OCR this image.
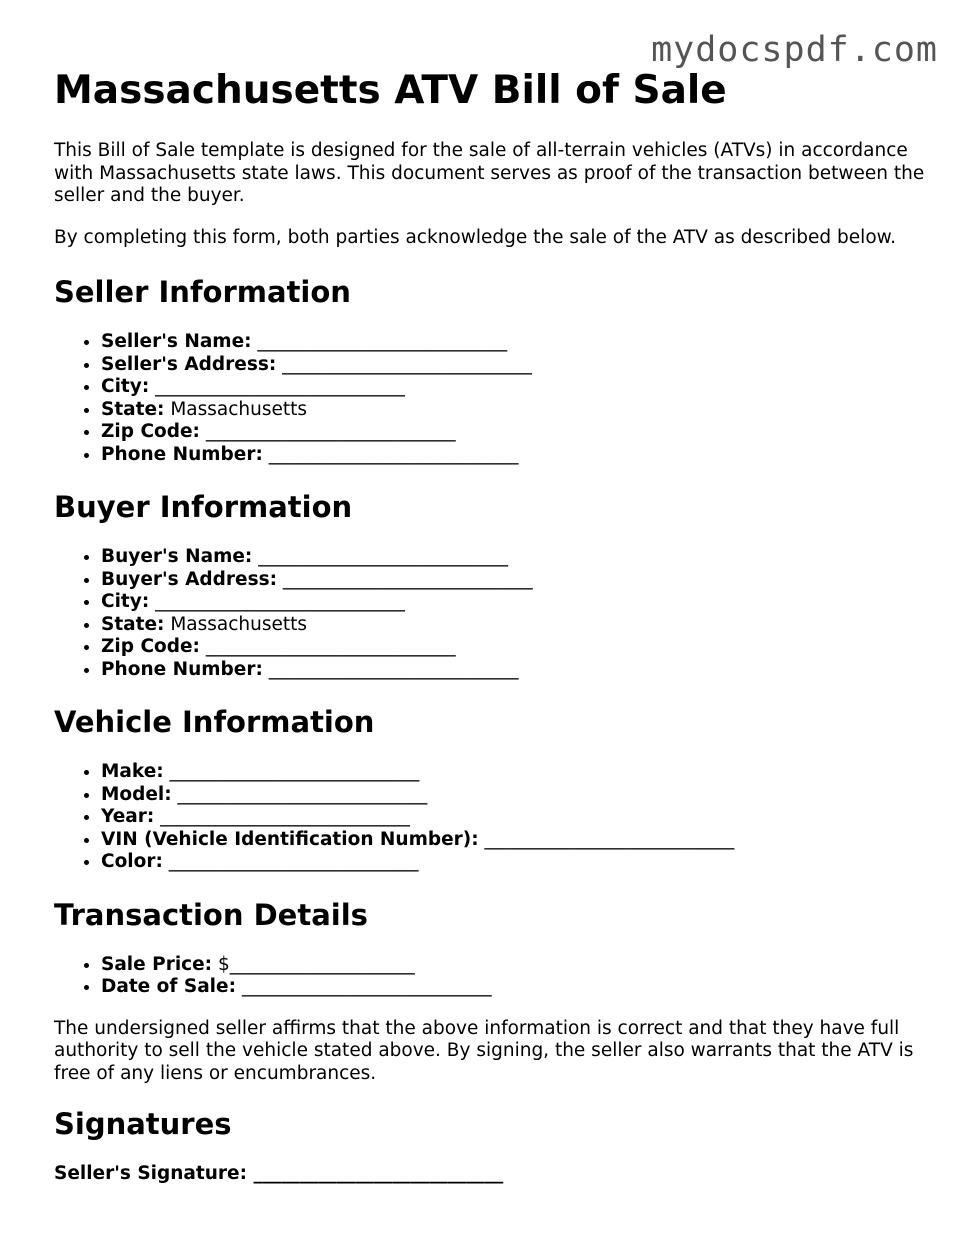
mydocspdf.com
Massachusetts ATV Bill of Sale

This Bill of Sale template is designed for the sale of all-terrain vehicles (ATVs) in accordance with Massachusetts state laws. This document serves as proof of the transaction between the seller and the buyer.

By completing this form, both parties acknowledge the sale of the ATV as described below.

Seller Information
• Seller's Name: ___________________________
• Seller's Address: ___________________________
• City: ___________________________
• State: Massachusetts
• Zip Code: ___________________________
• Phone Number: ___________________________
Buyer Information
• Buyer's Name: ___________________________
• Buyer's Address: ___________________________
• City: ___________________________
• State: Massachusetts
• Zip Code: ___________________________
• Phone Number: ___________________________
Vehicle Information
• Make: ___________________________
• Model: ___________________________
• Year: ___________________________
• VIN (Vehicle Identification Number): ___________________________
• Color: ___________________________
Transaction Details
• Sale Price: $____________________
• Date of Sale: ___________________________

The undersigned seller affirms that the above information is correct and that they have full authority to sell the vehicle stated above. By signing, the seller also warrants that the ATV is free of any liens or encumbrances.

Signatures
Seller's Signature: ___________________________
